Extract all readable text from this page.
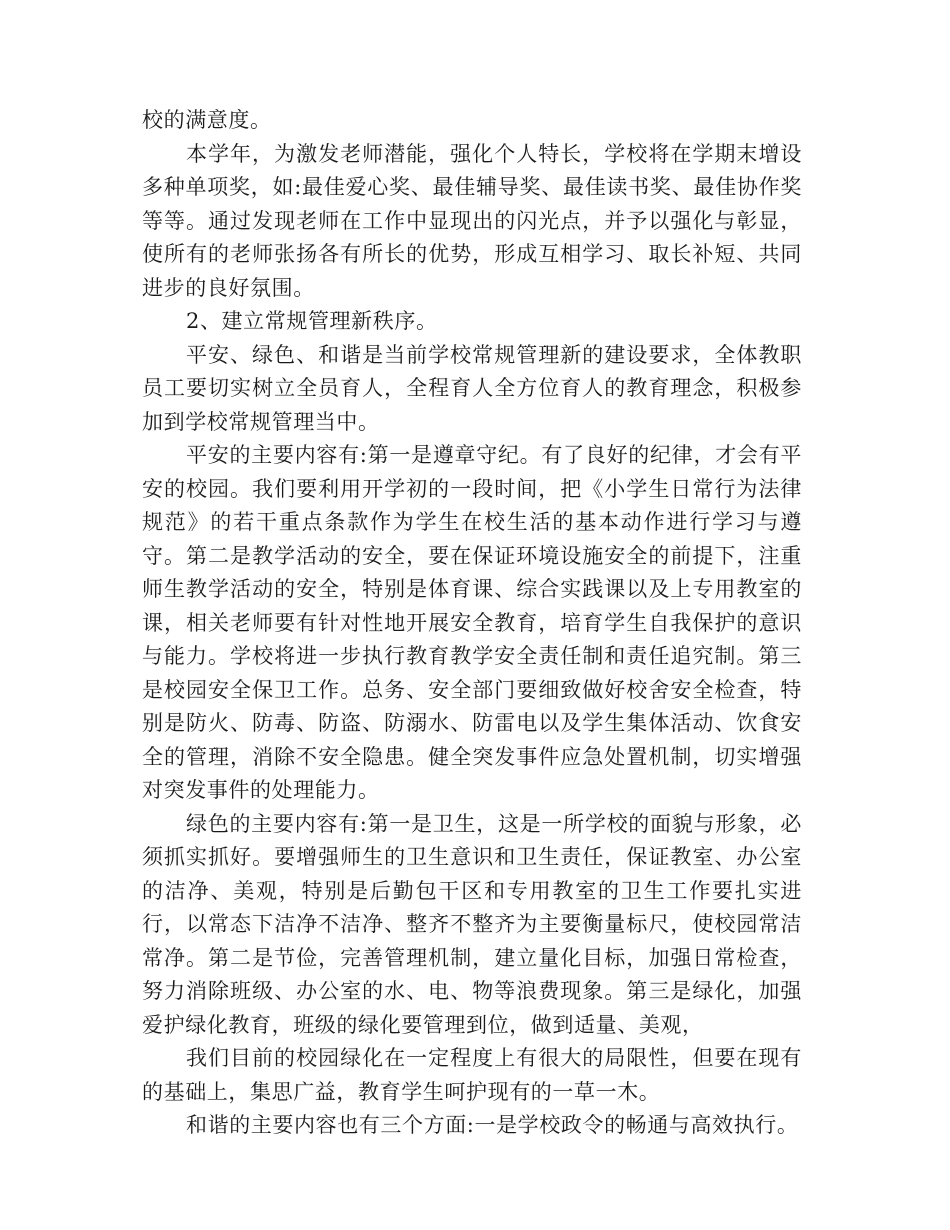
校的满意度。

本学年，为激发老师潜能，强化个人特长，学校将在学期末增设多种单项奖，如:最佳爱心奖、最佳辅导奖、最佳读书奖、最佳协作奖等等。通过发现老师在工作中显现出的闪光点，并予以强化与彰显，使所有的老师张扬各有所长的优势，形成互相学习、取长补短、共同进步的良好氛围。

2、建立常规管理新秩序。

平安、绿色、和谐是当前学校常规管理新的建设要求，全体教职员工要切实树立全员育人，全程育人全方位育人的教育理念，积极参加到学校常规管理当中。

平安的主要内容有:第一是遵章守纪。有了良好的纪律，才会有平安的校园。我们要利用开学初的一段时间，把《小学生日常行为法律规范》的若干重点条款作为学生在校生活的基本动作进行学习与遵守。第二是教学活动的安全，要在保证环境设施安全的前提下，注重师生教学活动的安全，特别是体育课、综合实践课以及上专用教室的课，相关老师要有针对性地开展安全教育，培育学生自我保护的意识与能力。学校将进一步执行教育教学安全责任制和责任追究制。第三是校园安全保卫工作。总务、安全部门要细致做好校舍安全检查，特别是防火、防毒、防盗、防溺水、防雷电以及学生集体活动、饮食安全的管理，消除不安全隐患。健全突发事件应急处置机制，切实增强对突发事件的处理能力。

绿色的主要内容有:第一是卫生，这是一所学校的面貌与形象，必须抓实抓好。要增强师生的卫生意识和卫生责任，保证教室、办公室的洁净、美观，特别是后勤包干区和专用教室的卫生工作要扎实进行，以常态下洁净不洁净、整齐不整齐为主要衡量标尺，使校园常洁常净。第二是节俭，完善管理机制，建立量化目标，加强日常检查，努力消除班级、办公室的水、电、物等浪费现象。第三是绿化，加强爱护绿化教育，班级的绿化要管理到位，做到适量、美观，

我们目前的校园绿化在一定程度上有很大的局限性，但要在现有的基础上，集思广益，教育学生呵护现有的一草一木。

和谐的主要内容也有三个方面:一是学校政令的畅通与高效执行。
